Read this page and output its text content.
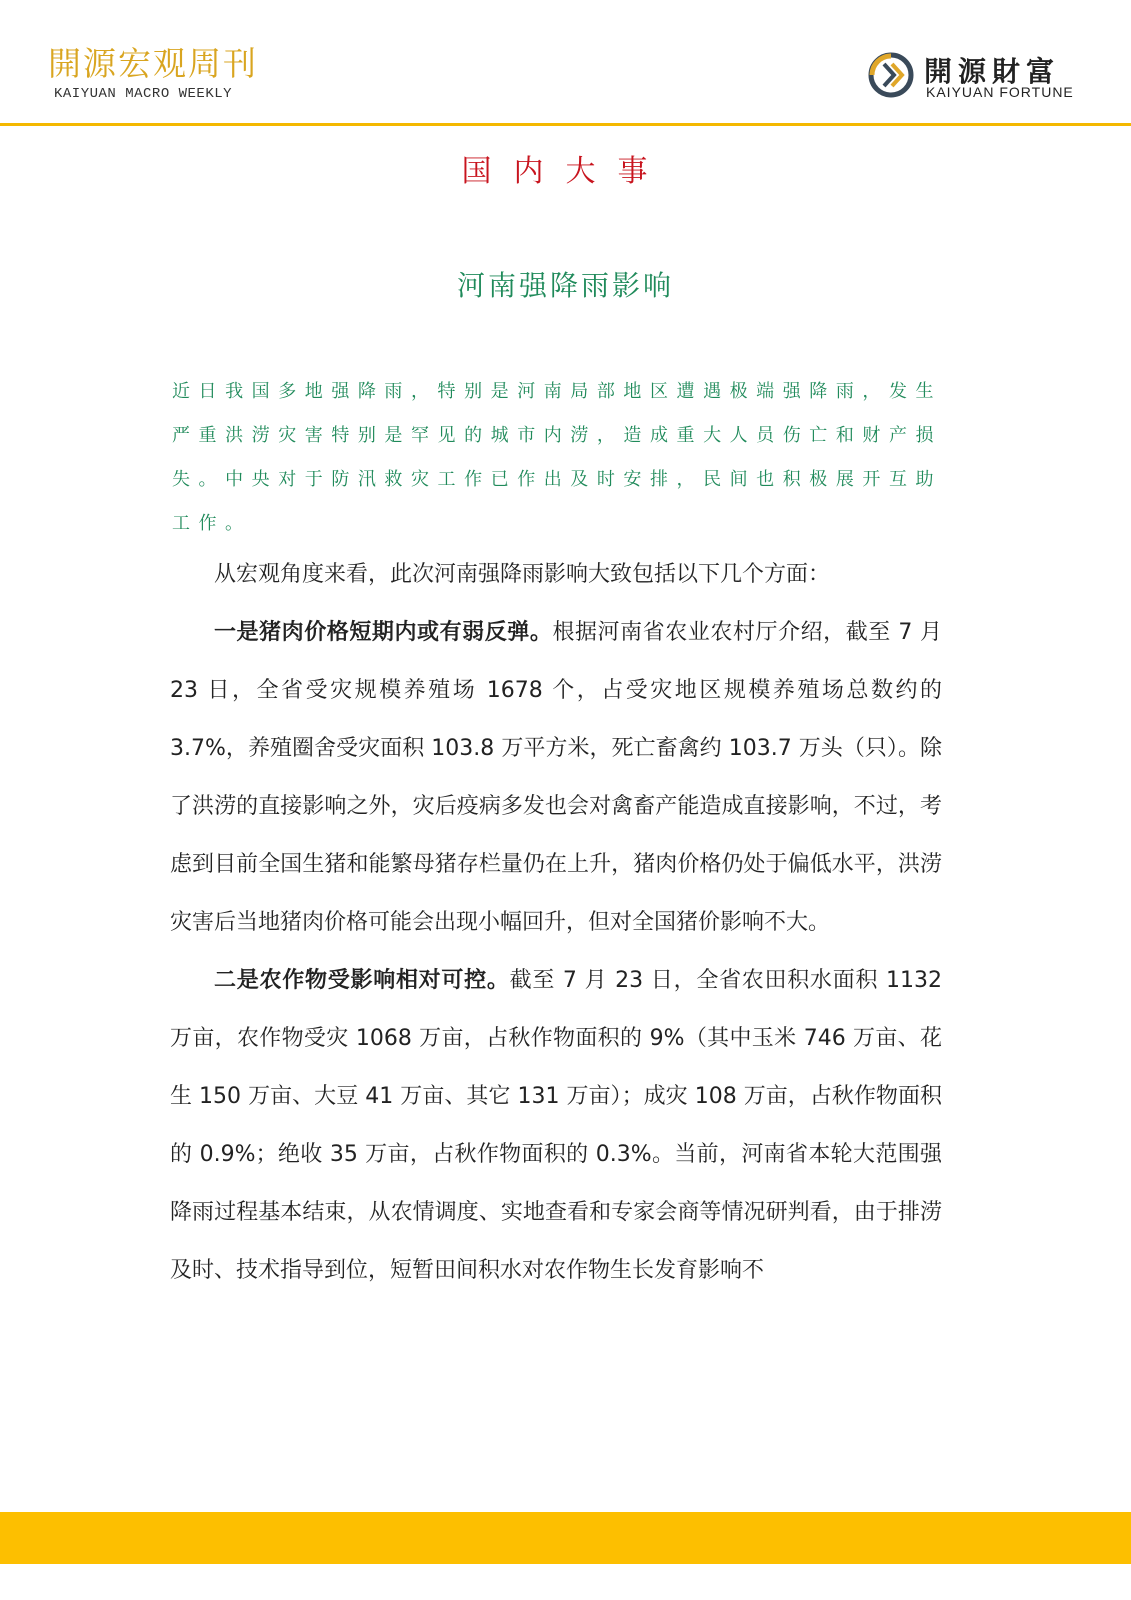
開源宏观周刊
KAIYUAN MACRO WEEKLY
開源財富
KAIYUAN FORTUNE
国内大事
河南强降雨影响
近日我国多地强降雨，特别是河南局部地区遭遇极端强降雨，发生严重洪涝灾害特别是罕见的城市内涝，造成重大人员伤亡和财产损失。中央对于防汛救灾工作已作出及时安排，民间也积极展开互助工作。

从宏观角度来看，此次河南强降雨影响大致包括以下几个方面：

一是猪肉价格短期内或有弱反弹。根据河南省农业农村厅介绍，截至 7 月 23 日，全省受灾规模养殖场 1678 个，占受灾地区规模养殖场总数约的 3.7%，养殖圈舍受灾面积 103.8 万平方米，死亡畜禽约 103.7 万头（只）。除了洪涝的直接影响之外，灾后疫病多发也会对禽畜产能造成直接影响，不过，考虑到目前全国生猪和能繁母猪存栏量仍在上升，猪肉价格仍处于偏低水平，洪涝灾害后当地猪肉价格可能会出现小幅回升，但对全国猪价影响不大。

二是农作物受影响相对可控。截至 7 月 23 日，全省农田积水面积 1132 万亩，农作物受灾 1068 万亩，占秋作物面积的 9%（其中玉米 746 万亩、花生 150 万亩、大豆 41 万亩、其它 131 万亩）；成灾 108 万亩，占秋作物面积的 0.9%；绝收 35 万亩，占秋作物面积的 0.3%。当前，河南省本轮大范围强降雨过程基本结束，从农情调度、实地查看和专家会商等情况研判看，由于排涝及时、技术指导到位，短暂田间积水对农作物生长发育影响不
